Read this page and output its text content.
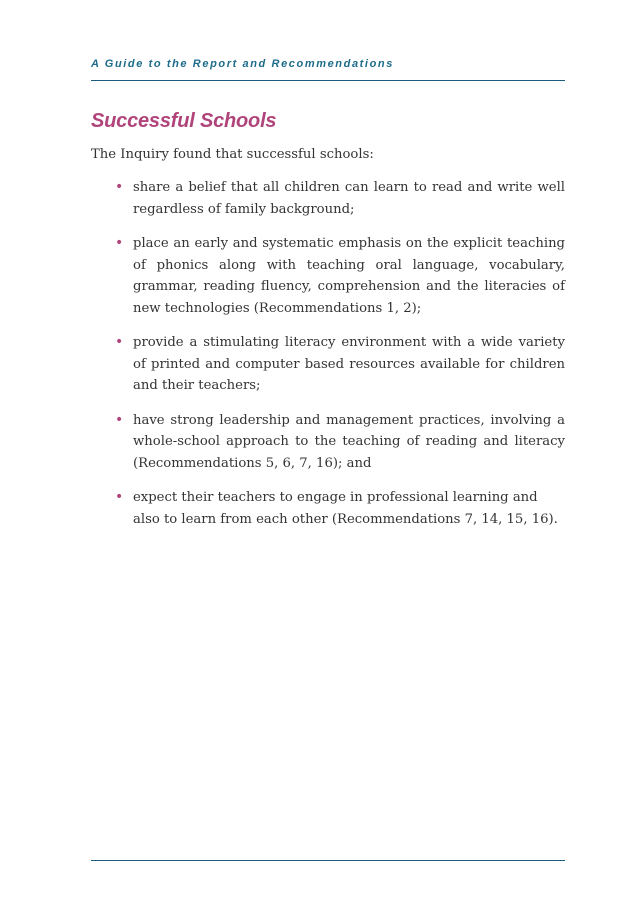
A Guide to the Report and Recommendations
Successful Schools

The Inquiry found that successful schools:

• share a belief that all children can learn to read and write well regardless of family background;
• place an early and systematic emphasis on the explicit teaching of phonics along with teaching oral language, vocabulary, grammar, reading fluency, comprehension and the literacies of new technologies (Recommendations 1, 2);
• provide a stimulating literacy environment with a wide variety of printed and computer based resources available for children and their teachers;
• have strong leadership and management practices, involving a whole-school approach to the teaching of reading and literacy (Recommendations 5, 6, 7, 16); and
• expect their teachers to engage in professional learning and also to learn from each other (Recommendations 7, 14, 15, 16).
